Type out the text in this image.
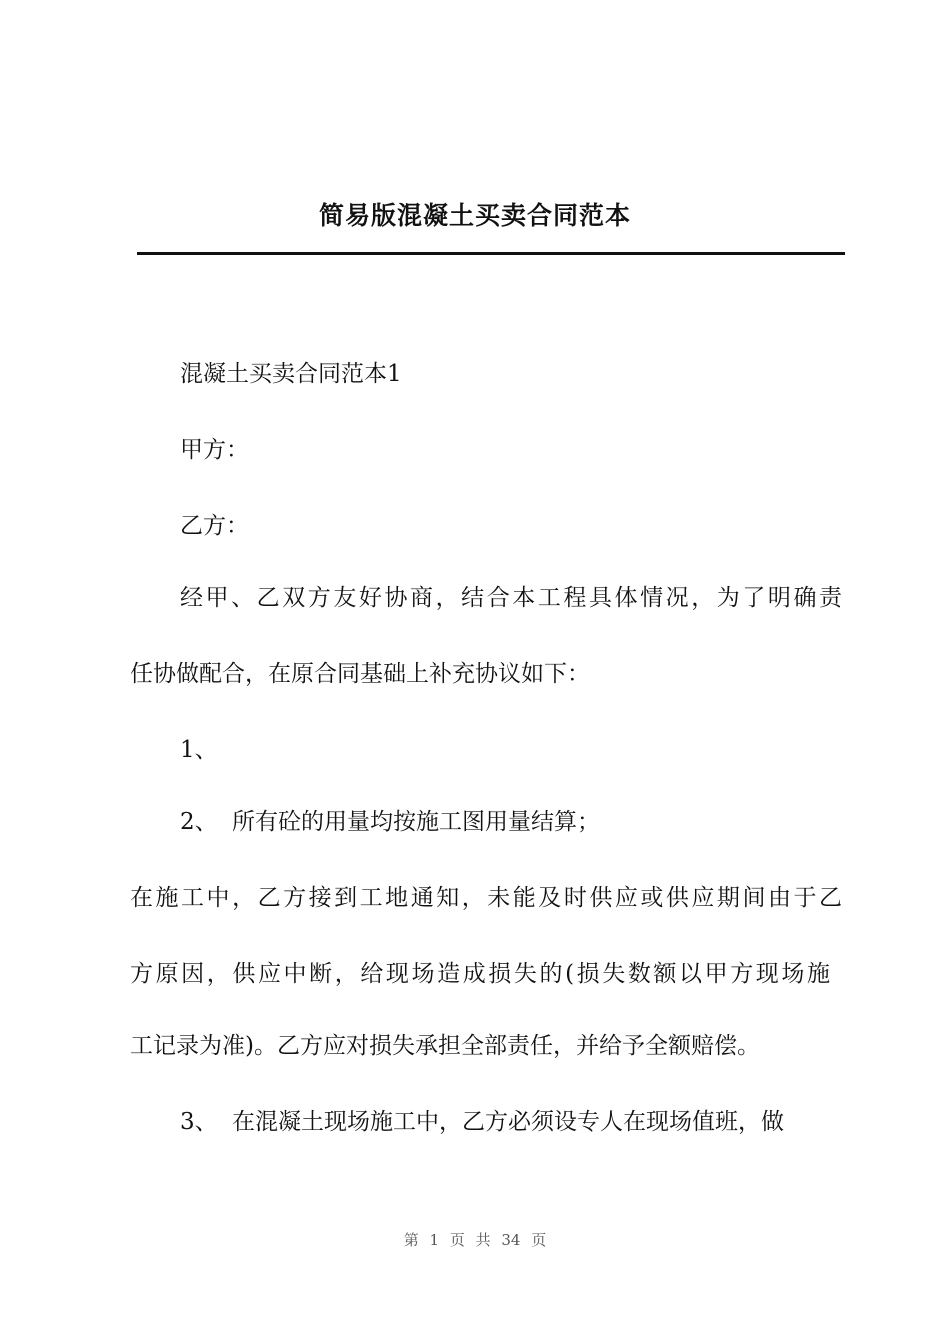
简易版混凝土买卖合同范本
混凝土买卖合同范本1
甲方：
乙方：
经甲、乙双方友好协商，结合本工程具体情况，为了明确责
任协做配合，在原合同基础上补充协议如下：
1、
2、 所有砼的用量均按施工图用量结算；
在施工中，乙方接到工地通知，未能及时供应或供应期间由于乙
方原因，供应中断，给现场造成损失的(损失数额以甲方现场施
工记录为准)。乙方应对损失承担全部责任，并给予全额赔偿。
3、 在混凝土现场施工中，乙方必须设专人在现场值班，做
第 1 页 共 34 页
